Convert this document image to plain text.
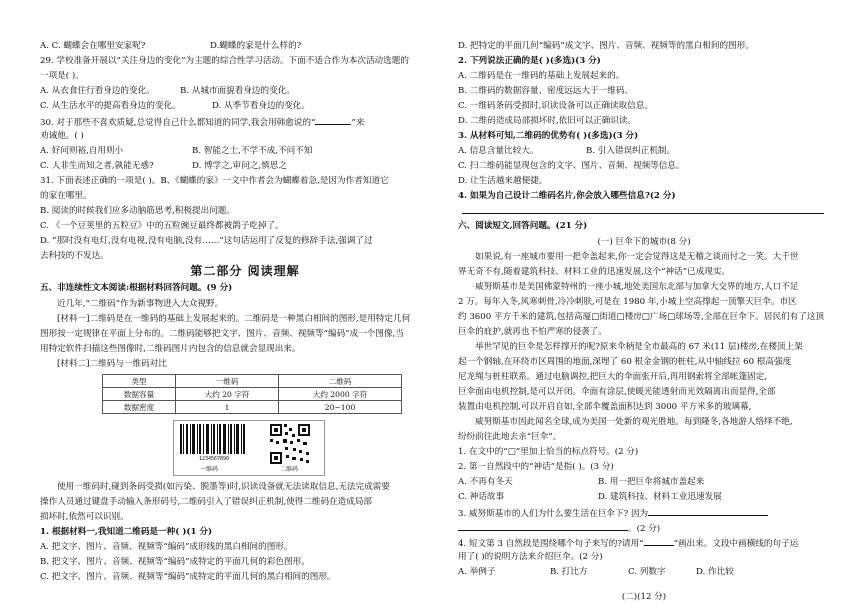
A. C. 蝴蝶会在哪里安家呢?	D.蝴蝶的家是什么样的?
29. 学校准备开展以“关注身边的变化”为主题的综合性学习活动。下面不适合作为本次活动选题的
一项是( )。
A. 从衣食住行看身边的变化。	B. 从城市面貌看身边的变化。
C. 从生活水平的提高看身边的变化。	D. 从季节看身边的变化。
30. 对于那些不喜欢质疑,总觉得自己什么都知道的同学,我会用韩愈说的“	”来
劝诫他。( )
A. 好问则裕,自用则小	B. 智能之士,不学不成,不问不知
C. 人非生而知之者,孰能无惑?	D. 博学之,审问之,慎思之
31. 下面表述正确的一项是( )。B、《蝴蝶的家》一文中作者会为蝴蝶着急,是因为作者知道它
的家在哪里。
B. 阅读的时候我们应多动脑筋思考,积极提出问题。
C. 《一个豆荚里的五粒豆》中的五粒豌豆最终都被鸽子吃掉了。
D. “那时没有电灯,没有电视,没有电脑,没有……”这句话运用了反复的修辞手法,强调了过
去科技的不发达。
第二部分 阅读理解
五、非连续性文本阅读:根据材料回答问题。(9 分)
近几年,“二维码”作为新事物进入大众视野。
[材料一]二维码是在一维码的基础上发展起来的。二维码是一种黑白相间的图形,是用特定几何
图形按一定规律在平面上分布的。二维码能够把文字、图片、音频、视频等“编码”成一个图像,当
用特定软件扫描这些图像时,二维码图片内包含的信息就会显现出来。
[材料二]二维码与一维码对比
类型	一维码	二维码
数据容量	大约 20 字符	大约 2000 字符
数据密度	1	20~100
1234567890
一维码	二维码
使用一维码时,碰到条码受损(如污染、脱墨等)时,识读设备就无法读取信息,无法完成需要
操作人员通过键盘手动输入条形码号,二维码引入了错误纠正机制,使得二维码在造成局部
损坏时,依然可以识别。
1. 根据材料一,我知道二维码是一种( )(1 分)
A. 把文字、图片、音频、视频等“编码”成形线的黑白相间的图形。
B. 把文字、图片、音频、视频等“编码”成特定的平面几何的彩色图形。
C. 把文字、图片、音频、视频等“编码”成特定的平面几何的黑白相间的图形。
D. 把特定的平面几何“编码”成文字、图片、音频、视频等的黑白相间的图形。
2. 下列说法正确的是( )(多选)(3 分)
A. 二维码是在一维码的基础上发展起来的。
B. 二维码的数据容量、密度远远大于一维码。
C. 一维码条码受损时,识读设备可以正确读取信息。
D. 二维码造成局部损坏时,依旧可以正确识读。
3. 从材料可知,二维码的优势有( )(多选)(3 分)
A. 信息含量比较大。	B. 引入错误纠正机制。
C. 扫二维码能显现包含的文字、图片、音频、视频等信息。
D. 让生活越来越便捷。
4. 如果为自己设计二维码名片,你会放入哪些信息?(2 分)
六、阅读短文,回答问题。(21 分)
(一) 巨伞下的城市(8 分)
如果说,有一座城市要用一把伞盖起来,你一定会觉得这是无稽之谈而付之一笑。大千世
界无奇不有,随着建筑科技、材料工业的迅速发展,这个“神话”已成现实。
威努斯基市是美国佛蒙特州的一座小城,地处美国东北部与加拿大交界的地方,人口不足
2 万。每年入冬,风寒刺骨,冷冷刺肤,可是在 1980 年,小城上空高撑起一顶擎天巨伞。市区
约 3600 平方千米的建筑,包括高厦□街道□楼房□广场□球场等,全部在巨伞下。居民们有了这顶
巨伞的庇护,就再也不怕严寒的侵袭了。
举世罕见的巨伞是怎样撑开的呢?原来伞柄是全市最高的 67 米(11 层)楼房,在楼顶上架
起一个钢轴,在环绕市区周围的地面,深埋了 60 根金金钢的桩柱,从中轴线拉 60 根高强度
尼龙绳与桩柱联系。通过电脑调控,把巨大的伞面张开后,再用钢索将全部帐篷固定,
巨伞面由电机控制,是可以开闭。伞面有涂层,使暖光能透射而光效隔离出而显得,全部
装置由电机控制,可以开启自如,全部伞覆盖面积达到 3000 平方米多的玻璃幕,
威努斯基市因此闻名全球,成为美国一处新的观光胜地。每到隆冬,各地游人络绎不绝,
纷纷前往此地去亲“巨伞”。
1. 在文中的“□”里加上恰当的标点符号。(2 分)
2. 第一自然段中的“神话”是指( )。(3 分)
A. 不再有冬天	B. 用一把巨伞将城市盖起来
C. 神话故事	D. 建筑科技、材料工业迅速发展
3. 威努斯基市的人们为什么要生活在巨伞下? 因为
。(2 分)
4. 短文第 3 自然段是围绕哪个句子来写的?请用“	”画出来。文段中画横线的句子运
用了( )的说明方法来介绍巨伞。(2 分)
A. 举例子	B. 打比方	C. 列数字	D. 作比较
(二)(12 分)
